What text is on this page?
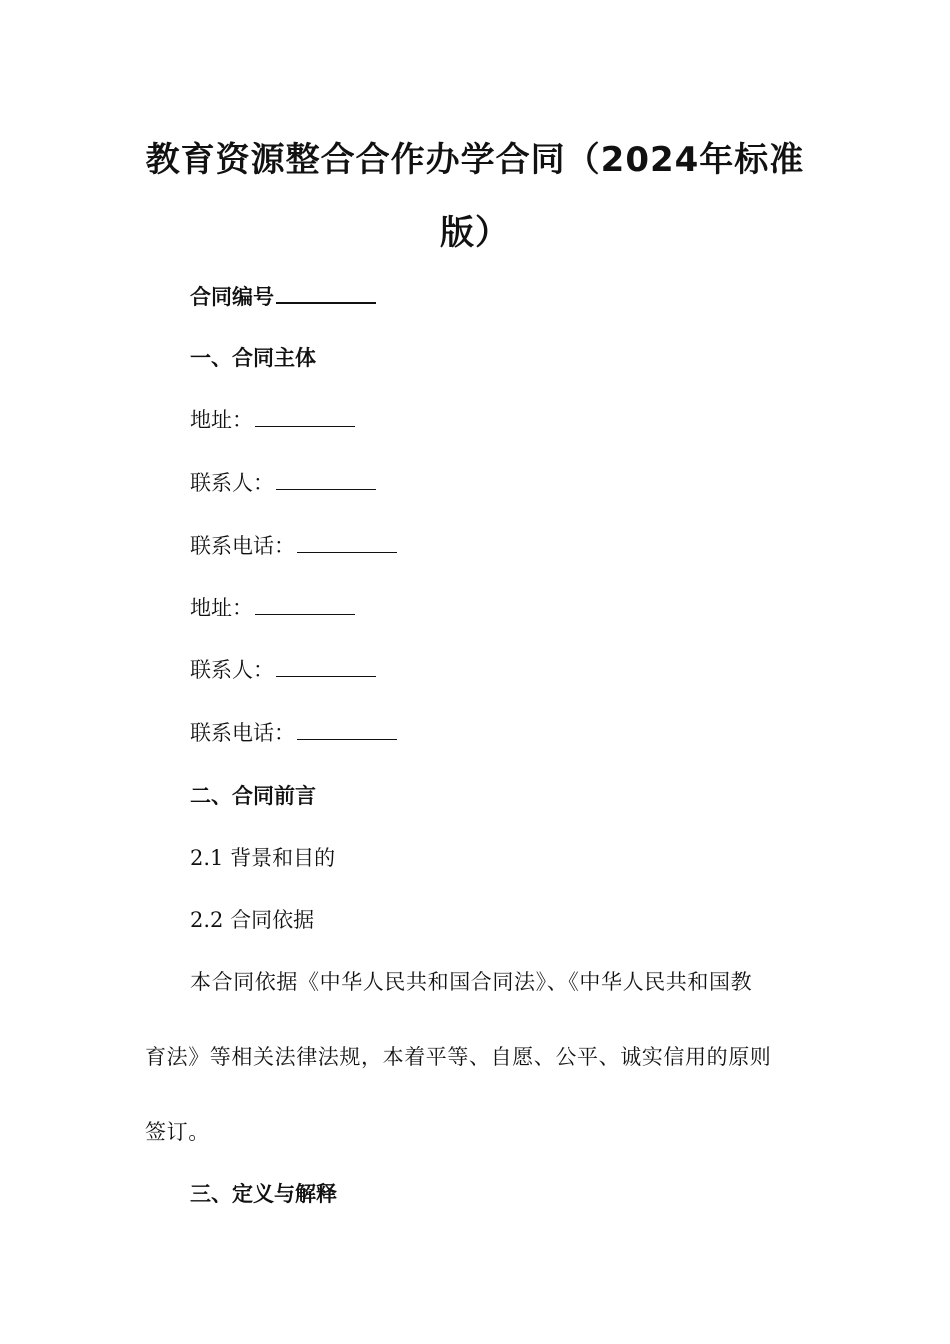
教育资源整合合作办学合同（2024年标准
版）
合同编号
一、合同主体
地址：
联系人：
联系电话：
地址：
联系人：
联系电话：
二、合同前言
2.1 背景和目的
2.2 合同依据
本合同依据《中华人民共和国合同法》、《中华人民共和国教
育法》等相关法律法规，本着平等、自愿、公平、诚实信用的原则
签订。
三、定义与解释
